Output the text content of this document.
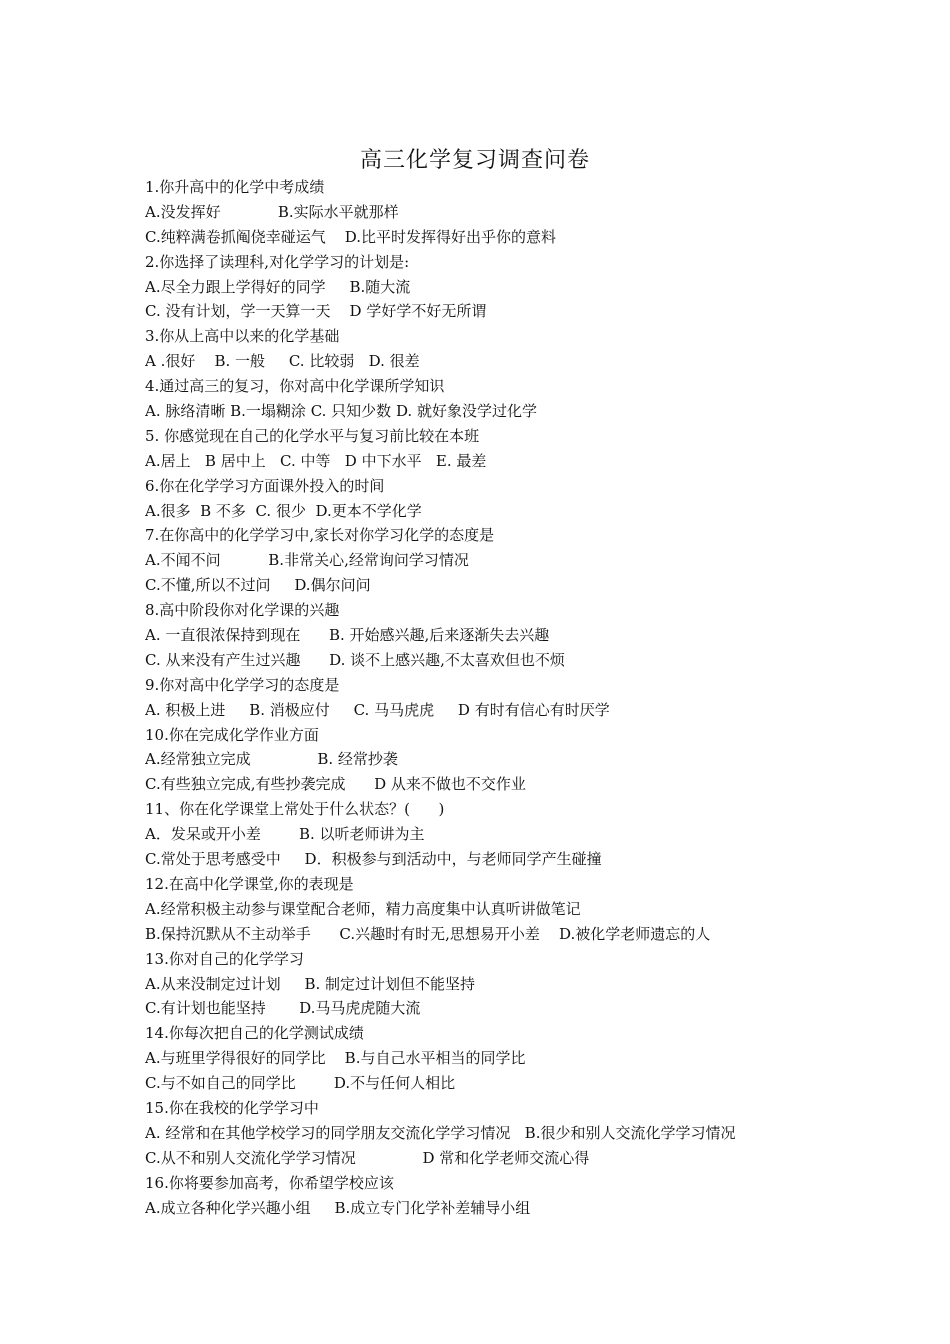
高三化学复习调查问卷
1.你升高中的化学中考成绩
A.没发挥好            B.实际水平就那样
C.纯粹满卷抓阄侥幸碰运气    D.比平时发挥得好出乎你的意料
2.你选择了读理科,对化学学习的计划是:
A.尽全力跟上学得好的同学     B.随大流
C. 没有计划，学一天算一天    D 学好学不好无所谓
3.你从上高中以来的化学基础
A .很好    B. 一般     C. 比较弱   D. 很差
4.通过高三的复习，你对高中化学课所学知识
A. 脉络清晰 B.一塌糊涂 C. 只知少数 D. 就好象没学过化学
5. 你感觉现在自己的化学水平与复习前比较在本班
A.居上   B 居中上   C. 中等   D 中下水平   E. 最差
6.你在化学学习方面课外投入的时间
A.很多  B 不多  C. 很少  D.更本不学化学
7.在你高中的化学学习中,家长对你学习化学的态度是
A.不闻不问          B.非常关心,经常询问学习情况
C.不懂,所以不过问     D.偶尔问问
8.高中阶段你对化学课的兴趣
A. 一直很浓保持到现在      B. 开始感兴趣,后来逐渐失去兴趣
C. 从来没有产生过兴趣      D. 谈不上感兴趣,不太喜欢但也不烦
9.你对高中化学学习的态度是
A. 积极上进     B. 消极应付     C. 马马虎虎     D 有时有信心有时厌学
10.你在完成化学作业方面
A.经常独立完成              B. 经常抄袭
C.有些独立完成,有些抄袭完成      D 从来不做也不交作业
11、你在化学课堂上常处于什么状态？(      )
A．发呆或开小差        B. 以听老师讲为主
C.常处于思考感受中     D．积极参与到活动中，与老师同学产生碰撞
12.在高中化学课堂,你的表现是
A.经常积极主动参与课堂配合老师，精力高度集中认真听讲做笔记
B.保持沉默从不主动举手      C.兴趣时有时无,思想易开小差    D.被化学老师遗忘的人
13.你对自己的化学学习
A.从来没制定过计划     B. 制定过计划但不能坚持
C.有计划也能坚持       D.马马虎虎随大流
14.你每次把自己的化学测试成绩
A.与班里学得很好的同学比    B.与自己水平相当的同学比
C.与不如自己的同学比        D.不与任何人相比
15.你在我校的化学学习中
A. 经常和在其他学校学习的同学朋友交流化学学习情况   B.很少和别人交流化学学习情况
C.从不和别人交流化学学习情况              D 常和化学老师交流心得
16.你将要参加高考，你希望学校应该
A.成立各种化学兴趣小组     B.成立专门化学补差辅导小组
